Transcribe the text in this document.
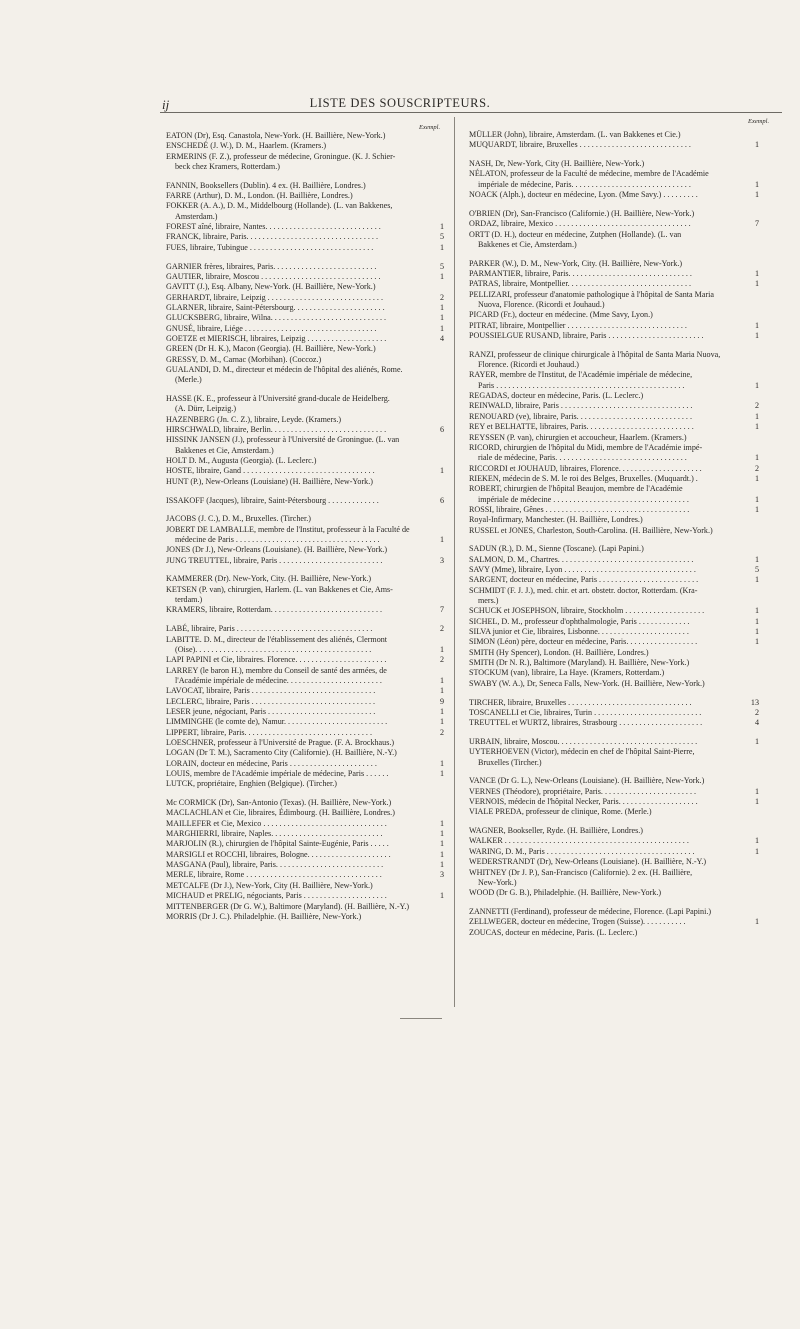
ij	LISTE DES SOUSCRIPTEURS.
Exempl.
Exempl.
EATON (Dr), Esq. Canastola, New-York. (H. Baillière, New-York.)
ENSCHEDÉ (J. W.), D. M., Haarlem. (Kramers.)
ERMERINS (F. Z.), professeur de médecine, Groningue. (K. J. Schier-
beck chez Kramers, Rotterdam.)
FANNIN, Booksellers (Dublin). 4 ex. (H. Baillière, Londres.)
FARRE (Arthur), D. M., London. (H. Baillière, Londres.)
FOKKER (A. A.), D. M., Middelbourg (Hollande). (L. van Bakkenes,
Amsterdam.)
FOREST aîné, libraire, Nantes. . . . . . . . . . . . . . . . . . . . . . . . . . . . .	1
FRANCK, libraire, Paris. . . . . . . . . . . . . . . . . . . . . . . . . . . . . . . . .	5
FUES, libraire, Tubingue . . . . . . . . . . . . . . . . . . . . . . . . . . . . . . .	1
GARNIER frères, libraires, Paris. . . . . . . . . . . . . . . . . . . . . . . . . .	5
GAUTIER, libraire, Moscou . . . . . . . . . . . . . . . . . . . . . . . . . . . . . .	1
GAVITT (J.), Esq. Albany, New-York. (H. Baillière, New-York.)
GERHARDT, libraire, Leipzig . . . . . . . . . . . . . . . . . . . . . . . . . . . . .	2
GLARNER, libraire, Saint-Pétersbourg. . . . . . . . . . . . . . . . . . . . . . .	1
GLUCKSBERG, libraire, Wilna. . . . . . . . . . . . . . . . . . . . . . . . . . . . .	1
GNUSÉ, libraire, Liége . . . . . . . . . . . . . . . . . . . . . . . . . . . . . . . . .	1
GOETZE et MIERISCH, libraires, Leipzig . . . . . . . . . . . . . . . . . . . .	4
GREEN (Dr H. K.), Macon (Georgia). (H. Baillière, New-York.)
GRESSY, D. M., Carnac (Morbihan). (Coccoz.)
GUALANDI, D. M., directeur et médecin de l'hôpital des aliénés, Rome.
(Merle.)
HASSE (K. E., professeur à l'Université grand-ducale de Heidelberg.
(A. Dürr, Leipzig.)
HAZENBERG (Jn. C. Z.), libraire, Leyde. (Kramers.)
HIRSCHWALD, libraire, Berlin. . . . . . . . . . . . . . . . . . . . . . . . . . . . .	6
HISSINK JANSEN (J.), professeur à l'Université de Groningue. (L. van
Bakkenes et Cie, Amsterdam.)
HOLT D. M., Augusta (Georgia). (L. Leclerc.)
HOSTE, libraire, Gand . . . . . . . . . . . . . . . . . . . . . . . . . . . . . . . . .	1
HUNT (P.), New-Orleans (Louisiane) (H. Baillière, New-York.)
ISSAKOFF (Jacques), libraire, Saint-Pétersbourg . . . . . . . . . . . . .	6
JACOBS (J. C.), D. M., Bruxelles. (Tircher.)
JOBERT DE LAMBALLE, membre de l'Institut, professeur à la Faculté de
médecine de Paris . . . . . . . . . . . . . . . . . . . . . . . . . . . . . . . . . . . .	1
JONES (Dr J.), New-Orleans (Louisiane). (H. Baillière, New-York.)
JUNG TREUTTEL, libraire, Paris . . . . . . . . . . . . . . . . . . . . . . . . . .	3
KAMMERER (Dr). New-York, City. (H. Baillière, New-York.)
KETSEN (P. van), chirurgien, Harlem. (L. van Bakkenes et Cie, Ams-
terdam.)
KRAMERS, libraire, Rotterdam. . . . . . . . . . . . . . . . . . . . . . . . . . . .	7
LABÉ, libraire, Paris . . . . . . . . . . . . . . . . . . . . . . . . . . . . . . . . . .	2
LABITTE. D. M., directeur de l'établissement des aliénés, Clermont
(Oise). . . . . . . . . . . . . . . . . . . . . . . . . . . . . . . . . . . . . . . . . . . .	1
LAPI PAPINI et Cie, libraires. Florence. . . . . . . . . . . . . . . . . . . . . . .	2
LARREY (le baron H.), membre du Conseil de santé des armées, de
l'Académie impériale de médecine. . . . . . . . . . . . . . . . . . . . . . . .	1
LAVOCAT, libraire, Paris . . . . . . . . . . . . . . . . . . . . . . . . . . . . . . .	1
LECLERC, libraire, Paris . . . . . . . . . . . . . . . . . . . . . . . . . . . . . . .	9
LESER jeune, négociant, Paris . . . . . . . . . . . . . . . . . . . . . . . . . . .	1
LIMMINGHE (le comte de), Namur. . . . . . . . . . . . . . . . . . . . . . . . . .	1
LIPPERT, libraire, Paris. . . . . . . . . . . . . . . . . . . . . . . . . . . . . . . .	2
LOESCHNER, professeur à l'Université de Prague. (F. A. Brockhaus.)
LOGAN (Dr T. M.), Sacramento City (Californie). (H. Baillière, N.-Y.)
LORAIN, docteur en médecine, Paris . . . . . . . . . . . . . . . . . . . . . .	1
LOUIS, membre de l'Académie impériale de médecine, Paris . . . . . .	1
LUTCK, propriétaire, Enghien (Belgique). (Tircher.)
Mc CORMICK (Dr), San-Antonio (Texas). (H. Baillière, New-York.)
MACLACHLAN et Cie, libraires, Édimbourg. (H. Baillière, Londres.)
MAILLEFER et Cie, Mexico . . . . . . . . . . . . . . . . . . . . . . . . . . . . . . .	1
MARGHIERRI, libraire, Naples. . . . . . . . . . . . . . . . . . . . . . . . . . . .	1
MARJOLIN (R.), chirurgien de l'hôpital Sainte-Eugénie, Paris . . . . .	1
MARSIGLI et ROCCHI, libraires, Bologne. . . . . . . . . . . . . . . . . . . . .	1
MASGANA (Paul), libraire, Paris. . . . . . . . . . . . . . . . . . . . . . . . . . .	1
MERLE, libraire, Rome . . . . . . . . . . . . . . . . . . . . . . . . . . . . . . . . . .	3
METCALFE (Dr J.), New-York, City (H. Baillière, New-York.)
MICHAUD et PRELIG, négociants, Paris . . . . . . . . . . . . . . . . . . . . .	1
MITTENBERGER (Dr G. W.), Baltimore (Maryland). (H. Baillière, N.-Y.)
MORRIS (Dr J. C.). Philadelphie. (H. Baillière, New-York.)
MÜLLER (John), libraire, Amsterdam. (L. van Bakkenes et Cie.)
MUQUARDT, libraire, Bruxelles . . . . . . . . . . . . . . . . . . . . . . . . . . . .	1
NASH, Dr, New-York, City (H. Baillière, New-York.)
NÉLATON, professeur de la Faculté de médecine, membre de l'Académie
impériale de médecine, Paris. . . . . . . . . . . . . . . . . . . . . . . . . . . . . .	1
NOACK (Alph.), docteur en médecine, Lyon. (Mme Savy.) . . . . . . . . .	1
O'BRIEN (Dr), San-Francisco (Californie.) (H. Baillière, New-York.)
ORDAZ, libraire, Mexico . . . . . . . . . . . . . . . . . . . . . . . . . . . . . . . . . .	7
ORTT (D. H.), docteur en médecine, Zutphen (Hollande). (L. van
Bakkenes et Cie, Amsterdam.)
PARKER (W.), D. M., New-York, City. (H. Baillière, New-York.)
PARMANTIER, libraire, Paris. . . . . . . . . . . . . . . . . . . . . . . . . . . . . . .	1
PATRAS, libraire, Montpellier. . . . . . . . . . . . . . . . . . . . . . . . . . . . . . .	1
PELLIZARI, professeur d'anatomie pathologique à l'hôpital de Santa Maria
Nuova, Florence. (Ricordi et Jouhaud.)
PICARD (Fr.), docteur en médecine. (Mme Savy, Lyon.)
PITRAT, libraire, Montpellier . . . . . . . . . . . . . . . . . . . . . . . . . . . . . .	1
POUSSIELGUE RUSAND, libraire, Paris . . . . . . . . . . . . . . . . . . . . . . . .	1
RANZI, professeur de clinique chirurgicale à l'hôpital de Santa Maria Nuova,
Florence. (Ricordi et Jouhaud.)
RAYER, membre de l'Institut, de l'Académie impériale de médecine,
Paris . . . . . . . . . . . . . . . . . . . . . . . . . . . . . . . . . . . . . . . . . . . . . . .	1
REGADAS, docteur en médecine, Paris. (L. Leclerc.)
REINWALD, libraire, Paris . . . . . . . . . . . . . . . . . . . . . . . . . . . . . . . . .	2
RENOUARD (ve), libraire, Paris. . . . . . . . . . . . . . . . . . . . . . . . . . . . .	1
REY et BELHATTE, libraires, Paris. . . . . . . . . . . . . . . . . . . . . . . . . . .	1
REYSSEN (P. van), chirurgien et accoucheur, Haarlem. (Kramers.)
RICORD, chirurgien de l'hôpital du Midi, membre de l'Académie impé-
riale de médecine, Paris. . . . . . . . . . . . . . . . . . . . . . . . . . . . . . . . .	1
RICCORDI et JOUHAUD, libraires, Florence. . . . . . . . . . . . . . . . . . . . .	2
RIEKEN, médecin de S. M. le roi des Belges, Bruxelles. (Muquardt.) .	1
ROBERT, chirurgien de l'hôpital Beaujon, membre de l'Académie
impériale de médecine . . . . . . . . . . . . . . . . . . . . . . . . . . . . . . . . . .	1
ROSSI, libraire, Gênes . . . . . . . . . . . . . . . . . . . . . . . . . . . . . . . . . . . .	1
Royal-Infirmary, Manchester. (H. Baillière, Londres.)
RUSSEL et JONES, Charleston, South-Carolina. (H. Baillière, New-York.)
SADUN (R.), D. M., Sienne (Toscane). (Lapi Papini.)
SALMON, D. M., Chartres. . . . . . . . . . . . . . . . . . . . . . . . . . . . . . . . . .	1
SAVY (Mme), libraire, Lyon . . . . . . . . . . . . . . . . . . . . . . . . . . . . . . . . .	5
SARGENT, docteur en médecine, Paris . . . . . . . . . . . . . . . . . . . . . . . . .	1
SCHMIDT (F. J. J.), med. chir. et art. obstetr. doctor, Rotterdam. (Kra-
mers.)
SCHUCK et JOSEPHSON, libraire, Stockholm . . . . . . . . . . . . . . . . . . . .	1
SICHEL, D. M., professeur d'ophthalmologie, Paris . . . . . . . . . . . . .	1
SILVA junior et Cie, libraires, Lisbonne. . . . . . . . . . . . . . . . . . . . . . .	1
SIMON (Léon) père, docteur en médecine, Paris. . . . . . . . . . . . . . . . . .	1
SMITH (Hy Spencer), London. (H. Baillière, Londres.)
SMITH (Dr N. R.), Baltimore (Maryland). H. Baillière, New-York.)
STOCKUM (van), libraire, La Haye. (Kramers, Rotterdam.)
SWABY (W. A.), Dr, Seneca Falls, New-York. (H. Baillière, New-York.)
TIRCHER, libraire, Bruxelles . . . . . . . . . . . . . . . . . . . . . . . . . . . . . . .	13
TOSCANELLI et Cie, libraires, Turin . . . . . . . . . . . . . . . . . . . . . . . . . . .	2
TREUTTEL et WURTZ, libraires, Strasbourg . . . . . . . . . . . . . . . . . . . . .	4
URBAIN, libraire, Moscou. . . . . . . . . . . . . . . . . . . . . . . . . . . . . . . . . . .	1
UYTERHOEVEN (Victor), médecin en chef de l'hôpital Saint-Pierre,
Bruxelles (Tircher.)
VANCE (Dr G. L.), New-Orleans (Louisiane). (H. Baillière, New-York.)
VERNES (Théodore), propriétaire, Paris. . . . . . . . . . . . . . . . . . . . . . . .	1
VERNOIS, médecin de l'hôpital Necker, Paris. . . . . . . . . . . . . . . . . . . .	1
VIALE PREDA, professeur de clinique, Rome. (Merle.)
WAGNER, Bookseller, Ryde. (H. Baillière, Londres.)
WALKER . . . . . . . . . . . . . . . . . . . . . . . . . . . . . . . . . . . . . . . . . . . . . .	1
WARING, D. M., Paris . . . . . . . . . . . . . . . . . . . . . . . . . . . . . . . . . . . . .	1
WEDERSTRANDT (Dr), New-Orleans (Louisiane). (H. Baillière, N.-Y.)
WHITNEY (Dr J. P.), San-Francisco (Californie). 2 ex. (H. Baillière,
New-York.)
WOOD (Dr G. B.), Philadelphie. (H. Baillière, New-York.)
ZANNETTI (Ferdinand), professeur de médecine, Florence. (Lapi Papini.)
ZELLWEGER, docteur en médecine, Trogen (Suisse). . . . . . . . . . .	1
ZOUCAS, docteur en médecine, Paris. (L. Leclerc.)
